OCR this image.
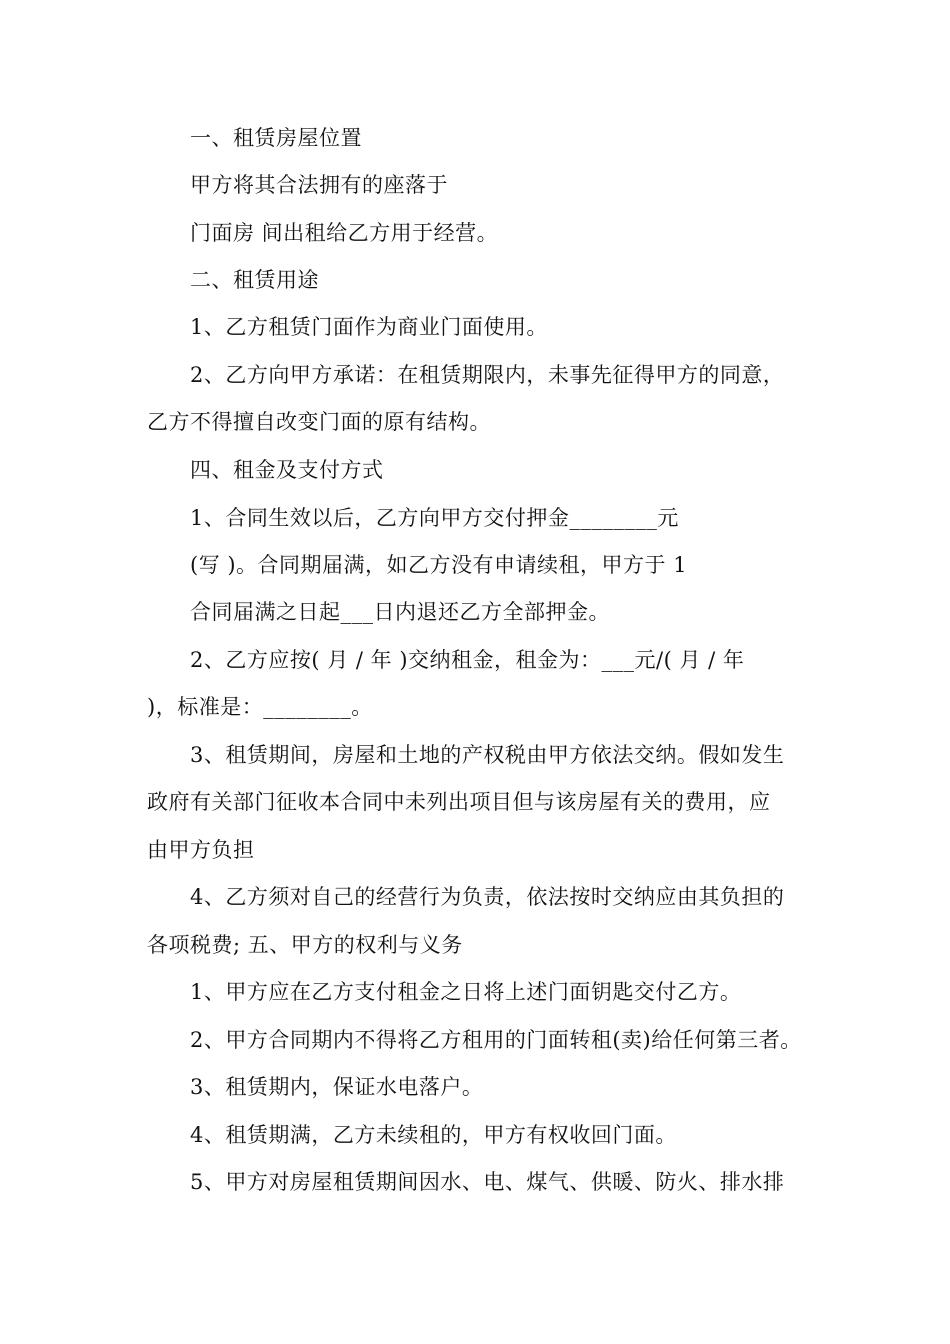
一、租赁房屋位置
甲方将其合法拥有的座落于
门面房 间出租给乙方用于经营。
二、租赁用途
1、乙方租赁门面作为商业门面使用。
2、乙方向甲方承诺：在租赁期限内，未事先征得甲方的同意，
乙方不得擅自改变门面的原有结构。
四、租金及支付方式
1、合同生效以后，乙方向甲方交付押金________元
(写 )。合同期届满，如乙方没有申请续租，甲方于 1
合同届满之日起___日内退还乙方全部押金。
2、乙方应按( 月 / 年 )交纳租金，租金为：___元/( 月 / 年
)，标准是：________。
3、租赁期间，房屋和土地的产权税由甲方依法交纳。假如发生
政府有关部门征收本合同中未列出项目但与该房屋有关的费用，应
由甲方负担
4、乙方须对自己的经营行为负责，依法按时交纳应由其负担的
各项税费; 五、甲方的权利与义务
1、甲方应在乙方支付租金之日将上述门面钥匙交付乙方。
2、甲方合同期内不得将乙方租用的门面转租(卖)给任何第三者。
3、租赁期内，保证水电落户。
4、租赁期满，乙方未续租的，甲方有权收回门面。
5、甲方对房屋租赁期间因水、电、煤气、供暖、防火、排水排
